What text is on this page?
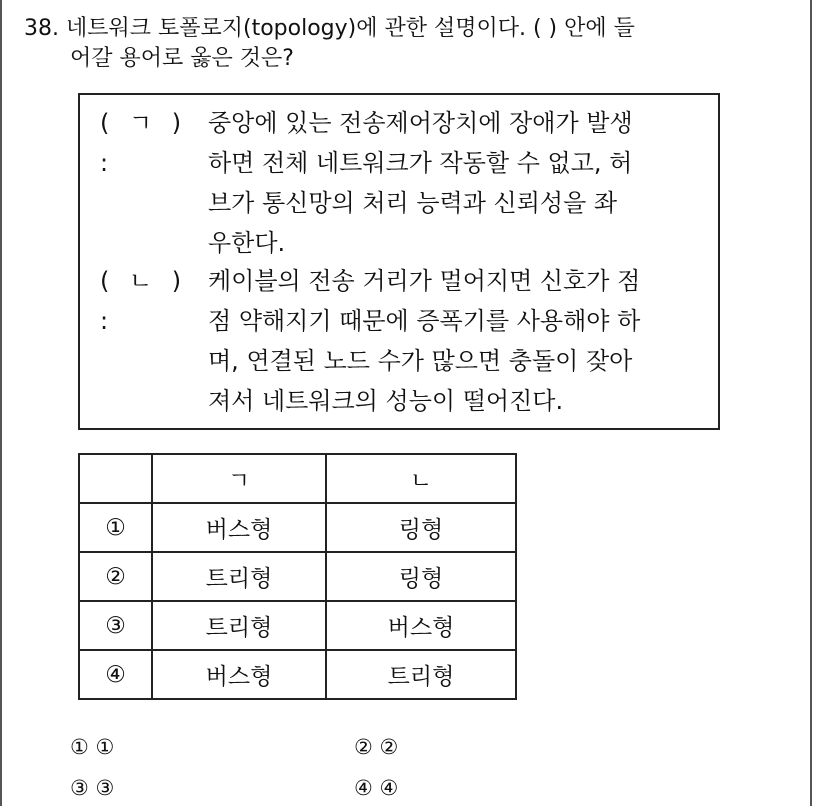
38. 네트워크 토폴로지(topology)에 관한 설명이다. ( ) 안에 들
어갈 용어로 옳은 것은?
( ㄱ ) :
중앙에 있는 전송제어장치에 장애가 발생
하면 전체 네트워크가 작동할 수 없고, 허
브가 통신망의 처리 능력과 신뢰성을 좌
우한다.
( ㄴ ) :
케이블의 전송 거리가 멀어지면 신호가 점
점 약해지기 때문에 증폭기를 사용해야 하
며, 연결된 노드 수가 많으면 충돌이 잦아
져서 네트워크의 성능이 떨어진다.
	ㄱ	ㄴ
①	버스형	링형
②	트리형	링형
③	트리형	버스형
④	버스형	트리형
① ①	② ②
③ ③	④ ④
